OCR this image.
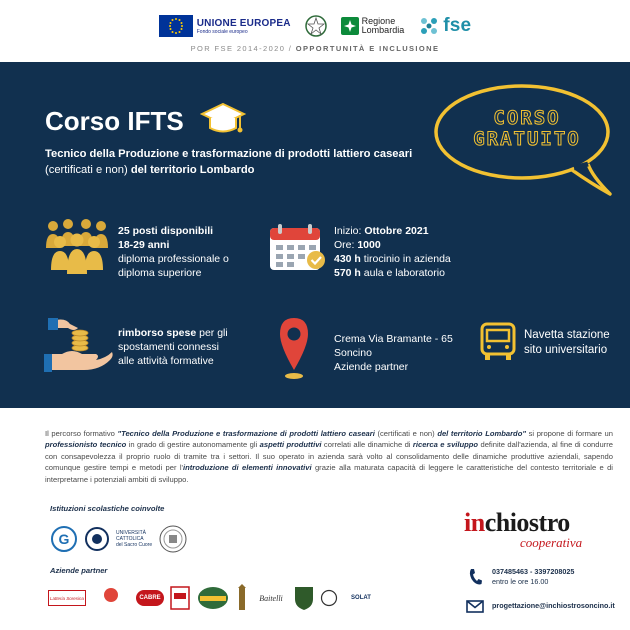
UNIONE EUROPEA
Fondo sociale europeo
Regione
Lombardia fse
POR FSE 2014-2020 / OPPORTUNITÀ E INCLUSIONE
Corso IFTS
Tecnico della Produzione e trasformazione di prodotti lattiero caseari (certificati e non) del territorio Lombardo
CORSO
GRATUITO
25 posti disponibili
18-29 anni
diploma professionale o
diploma superiore
Inizio: Ottobre 2021
Ore: 1000
430 h tirocinio in azienda
570 h aula e laboratorio
rimborso spese per gli
spostamenti connessi
alle attività formative
Crema Via Bramante - 65
Soncino
Aziende partner
Navetta stazione
sito universitario
Il percorso formativo "Tecnico della Produzione e trasformazione di prodotti lattiero caseari (certificati e non) del territorio Lombardo" si propone di formare un professionisto tecnico in grado di gestire autonomamente gli aspetti produttivi correlati alle dinamiche di ricerca e sviluppo definite dall'azienda, al fine di condurre con consapevolezza il proprio ruolo di tramite tra i settori. Il suo operato in azienda sarà volto al consolidamento delle dinamiche produttive aziendali, sapendo comunque gestire tempi e metodi per l'introduzione di elementi innovativi grazie alla maturata capacità di leggere le caratteristiche del contesto territoriale e di interpretarne i potenziali ambiti di sviluppo.
Istituzioni scolastiche coinvolte
G	UNIVERSITÀ
CATTOLICA
del Sacro Cuore
Aziende partner
Latteria Soresina	CABRE	Baitelli	SOLAT
inchiostro
cooperativa
037485463 - 3397208025
entro le ore 16.00
progettazione@inchiostrosoncino.it
